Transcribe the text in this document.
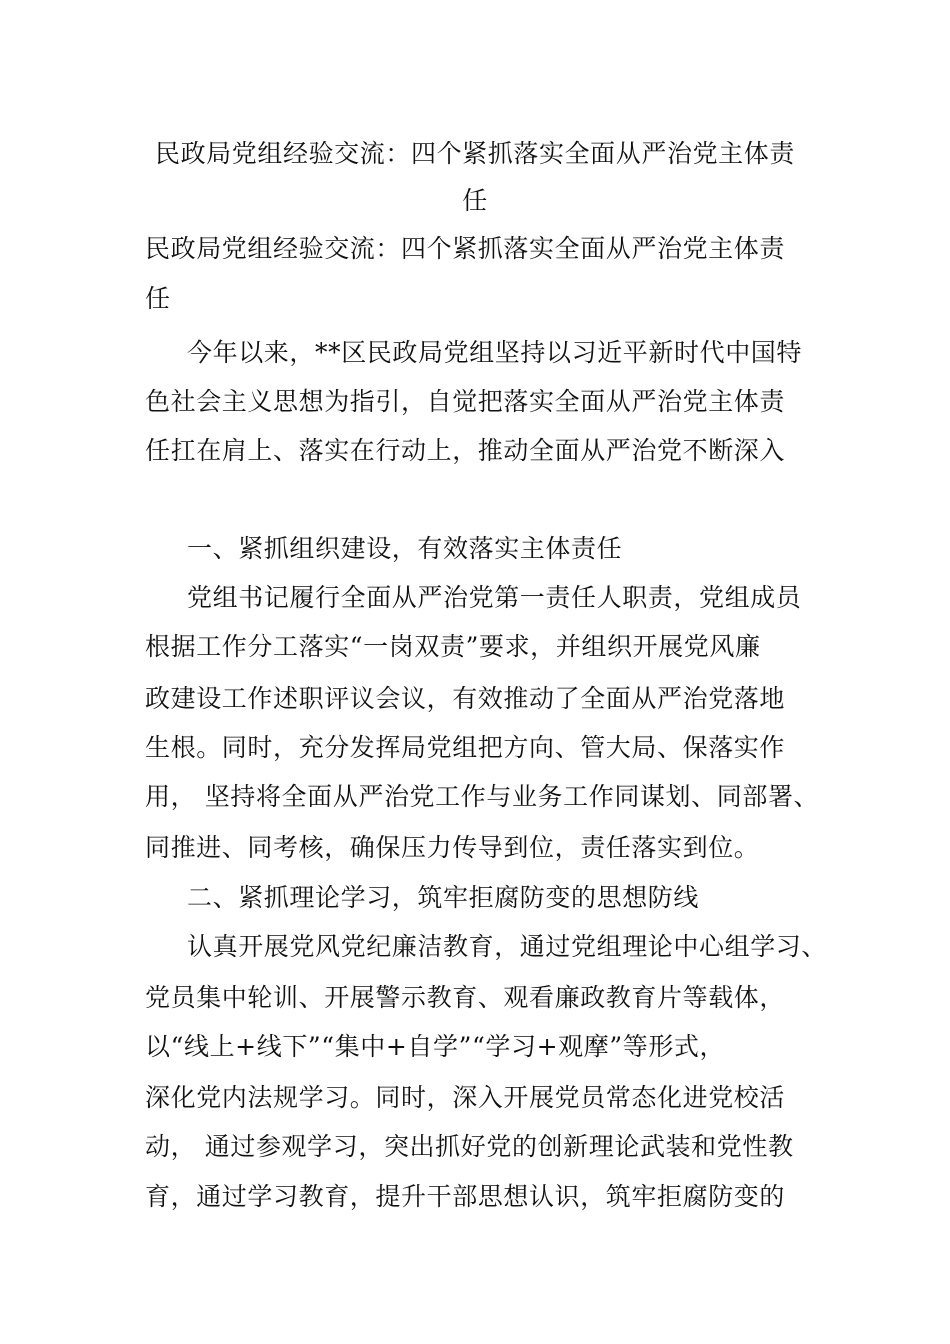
民政局党组经验交流：四个紧抓落实全面从严治党主体责
任
民政局党组经验交流：四个紧抓落实全面从严治党主体责
任
今年以来，**区民政局党组坚持以习近平新时代中国特
色社会主义思想为指引，自觉把落实全面从严治党主体责
任扛在肩上、落实在行动上，推动全面从严治党不断深入
一、紧抓组织建设，有效落实主体责任
党组书记履行全面从严治党第一责任人职责，党组成员
根据工作分工落实“一岗双责”要求，并组织开展党风廉
政建设工作述职评议会议，有效推动了全面从严治党落地
生根。同时，充分发挥局党组把方向、管大局、保落实作
用， 坚持将全面从严治党工作与业务工作同谋划、同部署、
同推进、同考核，确保压力传导到位，责任落实到位。
二、紧抓理论学习，筑牢拒腐防变的思想防线
认真开展党风党纪廉洁教育，通过党组理论中心组学习、
党员集中轮训、开展警示教育、观看廉政教育片等载体，
以“线上+线下”“集中+自学”“学习+观摩”等形式，
深化党内法规学习。同时，深入开展党员常态化进党校活
动， 通过参观学习，突出抓好党的创新理论武装和党性教
育，通过学习教育，提升干部思想认识，筑牢拒腐防变的
